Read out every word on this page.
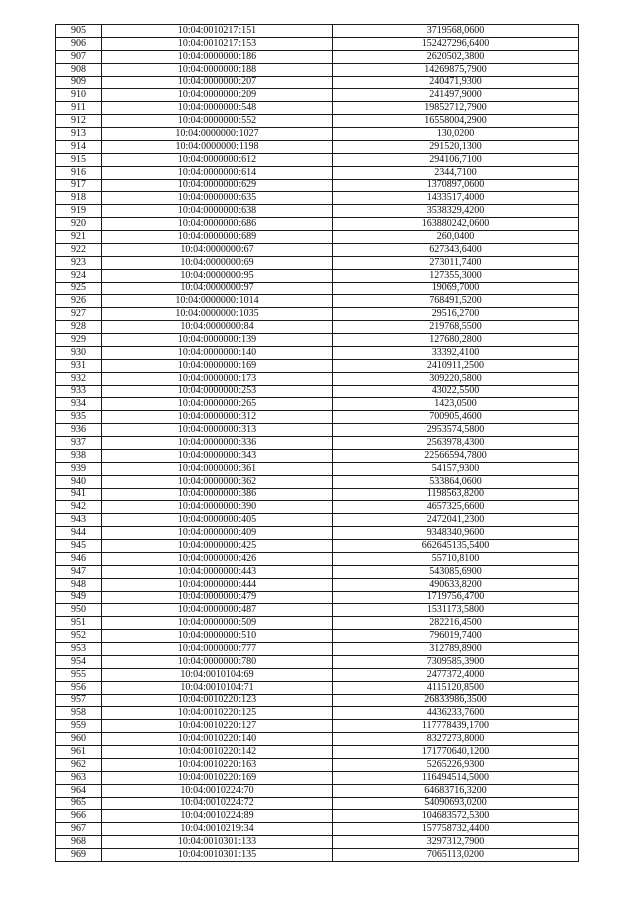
905	10:04:0010217:151	3719568,0600
906	10:04:0010217:153	152427296,6400
907	10:04:0000000:186	2620502,3800
908	10:04:0000000:188	14269875,7900
909	10:04:0000000:207	240471,9300
910	10:04:0000000:209	241497,9000
911	10:04:0000000:548	19852712,7900
912	10:04:0000000:552	16558004,2900
913	10:04:0000000:1027	130,0200
914	10:04:0000000:1198	291520,1300
915	10:04:0000000:612	294106,7100
916	10:04:0000000:614	2344,7100
917	10:04:0000000:629	1370897,0600
918	10:04:0000000:635	1433517,4000
919	10:04:0000000:638	3538329,4200
920	10:04:0000000:686	163880242,0600
921	10:04:0000000:689	260,0400
922	10:04:0000000:67	627343,6400
923	10:04:0000000:69	273011,7400
924	10:04:0000000:95	127355,3000
925	10:04:0000000:97	19069,7000
926	10:04:0000000:1014	768491,5200
927	10:04:0000000:1035	29516,2700
928	10:04:0000000:84	219768,5500
929	10:04:0000000:139	127680,2800
930	10:04:0000000:140	33392,4100
931	10:04:0000000:169	2410911,2500
932	10:04:0000000:173	309220,5800
933	10:04:0000000:253	43022,5500
934	10:04:0000000:265	1423,0500
935	10:04:0000000:312	700905,4600
936	10:04:0000000:313	2953574,5800
937	10:04:0000000:336	2563978,4300
938	10:04:0000000:343	22566594,7800
939	10:04:0000000:361	54157,9300
940	10:04:0000000:362	533864,0600
941	10:04:0000000:386	1198563,8200
942	10:04:0000000:390	4657325,6600
943	10:04:0000000:405	2472041,2300
944	10:04:0000000:409	9348340,9600
945	10:04:0000000:425	662645135,5400
946	10:04:0000000:426	55710,8100
947	10:04:0000000:443	543085,6900
948	10:04:0000000:444	490633,8200
949	10:04:0000000:479	1719756,4700
950	10:04:0000000:487	1531173,5800
951	10:04:0000000:509	282216,4500
952	10:04:0000000:510	796019,7400
953	10:04:0000000:777	312789,8900
954	10:04:0000000:780	7309585,3900
955	10:04:0010104:69	2477372,4000
956	10:04:0010104:71	4115120,8500
957	10:04:0010220:123	26833986,3500
958	10:04:0010220:125	4436233,7600
959	10:04:0010220:127	117778439,1700
960	10:04:0010220:140	8327273,8000
961	10:04:0010220:142	171770640,1200
962	10:04:0010220:163	5265226,9300
963	10:04:0010220:169	116494514,5000
964	10:04:0010224:70	64683716,3200
965	10:04:0010224:72	54090693,0200
966	10:04:0010224:89	104683572,5300
967	10:04:0010219:34	157758732,4400
968	10:04:0010301:133	3297312,7900
969	10:04:0010301:135	7065113,0200
